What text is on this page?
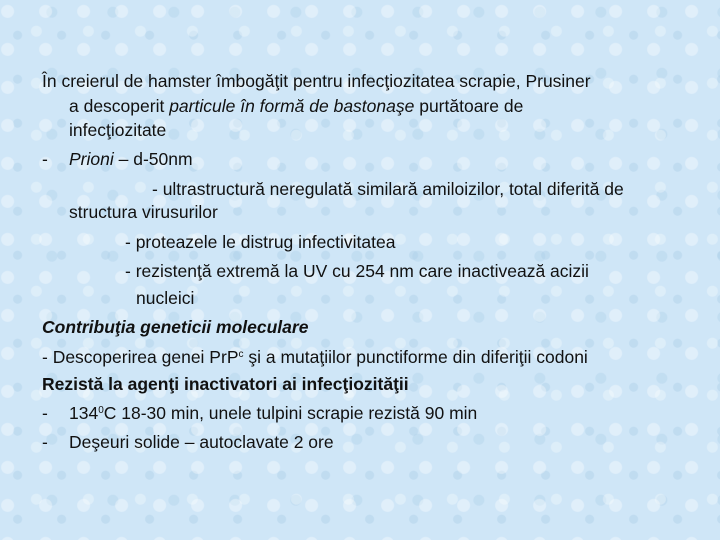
În creierul de hamster îmbogăţit pentru infecţiozitatea scrapie, Prusiner
a descoperit particule în formă de bastonaşe purtătoare de
infecţiozitate
- Prioni – d-50nm
- ultrastructură neregulată similară amiloizilor, total diferită de
structura virusurilor
- proteazele le distrug infectivitatea
- rezistenţă extremă la UV cu 254 nm care inactivează acizii
nucleici
Contribuţia geneticii moleculare
- Descoperirea genei PrP$^c$ şi a mutaţiilor punctiforme din diferiţii codoni
Rezistă la agenţi inactivatori ai infecţiozităţii
- $134^0C$ 18-30 min, unele tulpini scrapie rezistă 90 min
- Deşeuri solide – autoclavate 2 ore
